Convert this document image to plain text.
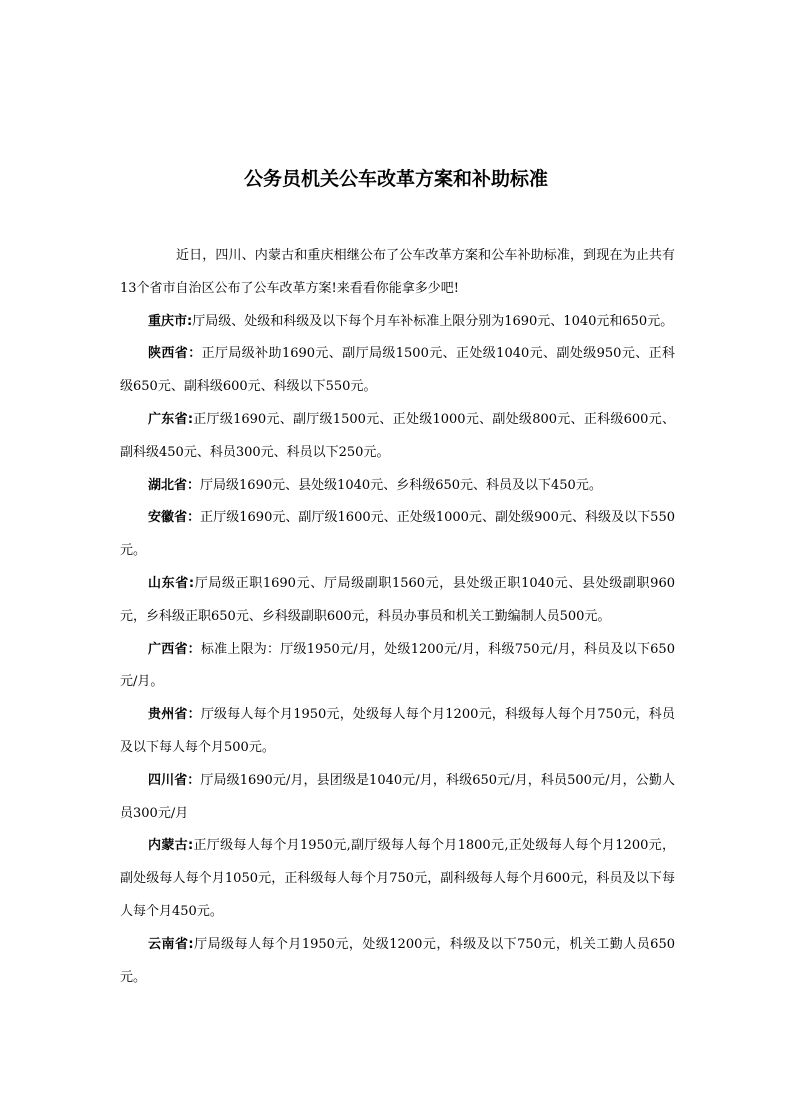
公务员机关公车改革方案和补助标准

近日，四川、内蒙古和重庆相继公布了公车改革方案和公车补助标准，到现在为止共有13个省市自治区公布了公车改革方案!来看看你能拿多少吧!

重庆市:厅局级、处级和科级及以下每个月车补标准上限分别为1690元、1040元和650元。

陕西省：正厅局级补助1690元、副厅局级1500元、正处级1040元、副处级950元、正科级650元、副科级600元、科级以下550元。

广东省:正厅级1690元、副厅级1500元、正处级1000元、副处级800元、正科级600元、副科级450元、科员300元、科员以下250元。

湖北省：厅局级1690元、县处级1040元、乡科级650元、科员及以下450元。

安徽省：正厅级1690元、副厅级1600元、正处级1000元、副处级900元、科级及以下550元。

山东省:厅局级正职1690元、厅局级副职1560元，县处级正职1040元、县处级副职960元，乡科级正职650元、乡科级副职600元，科员办事员和机关工勤编制人员500元。

广西省：标准上限为：厅级1950元/月，处级1200元/月，科级750元/月，科员及以下650元/月。

贵州省：厅级每人每个月1950元，处级每人每个月1200元，科级每人每个月750元，科员及以下每人每个月500元。

四川省：厅局级1690元/月，县团级是1040元/月，科级650元/月，科员500元/月，公勤人员300元/月

内蒙古:正厅级每人每个月1950元,副厅级每人每个月1800元,正处级每人每个月1200元，副处级每人每个月1050元，正科级每人每个月750元，副科级每人每个月600元，科员及以下每人每个月450元。

云南省:厅局级每人每个月1950元，处级1200元，科级及以下750元，机关工勤人员650元。
